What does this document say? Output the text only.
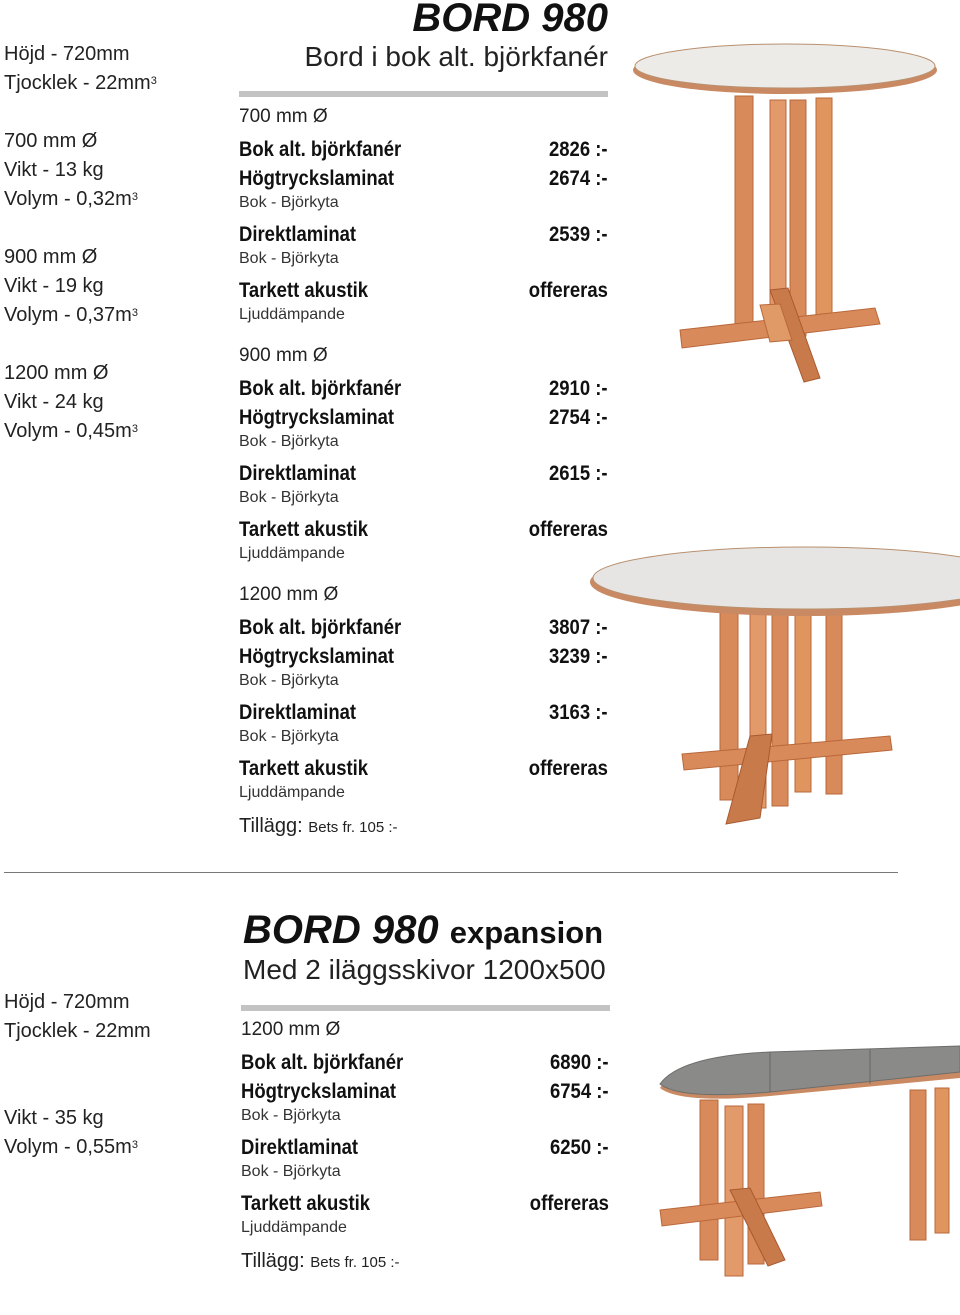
Höjd - 720mm
Tjocklek - $22mm^3$
700 mm Ø
Vikt - 13 kg
Volym - $0,32m^3$
900 mm Ø
Vikt - 19 kg
Volym - $0,37m^3$
1200 mm Ø
Vikt - 24 kg
Volym - $0,45m^3$
BORD 980
Bord i bok alt. björkfanér
700 mm Ø
Bok alt. björkfanér	2826 :-
Högtryckslaminat	2674 :-
Bok - Björkyta
Direktlaminat	2539 :-
Bok - Björkyta
Tarkett akustik	offereras
Ljuddämpande
900 mm Ø
Bok alt. björkfanér	2910 :-
Högtryckslaminat	2754 :-
Bok - Björkyta
Direktlaminat	2615 :-
Bok - Björkyta
Tarkett akustik	offereras
Ljuddämpande
1200 mm Ø
Bok alt. björkfanér	3807 :-
Högtryckslaminat	3239 :-
Bok - Björkyta
Direktlaminat	3163 :-
Bok - Björkyta
Tarkett akustik	offereras
Ljuddämpande
Tillägg: Bets fr. 105 :-
BORD 980 expansion
Med 2 iläggsskivor 1200x500
Höjd - 720mm
Tjocklek - 22mm
Vikt - 35 kg
Volym - $0,55m^3$
1200 mm Ø
Bok alt. björkfanér	6890 :-
Högtryckslaminat	6754 :-
Bok - Björkyta
Direktlaminat	6250 :-
Bok - Björkyta
Tarkett akustik	offereras
Ljuddämpande
Tillägg: Bets fr. 105 :-
